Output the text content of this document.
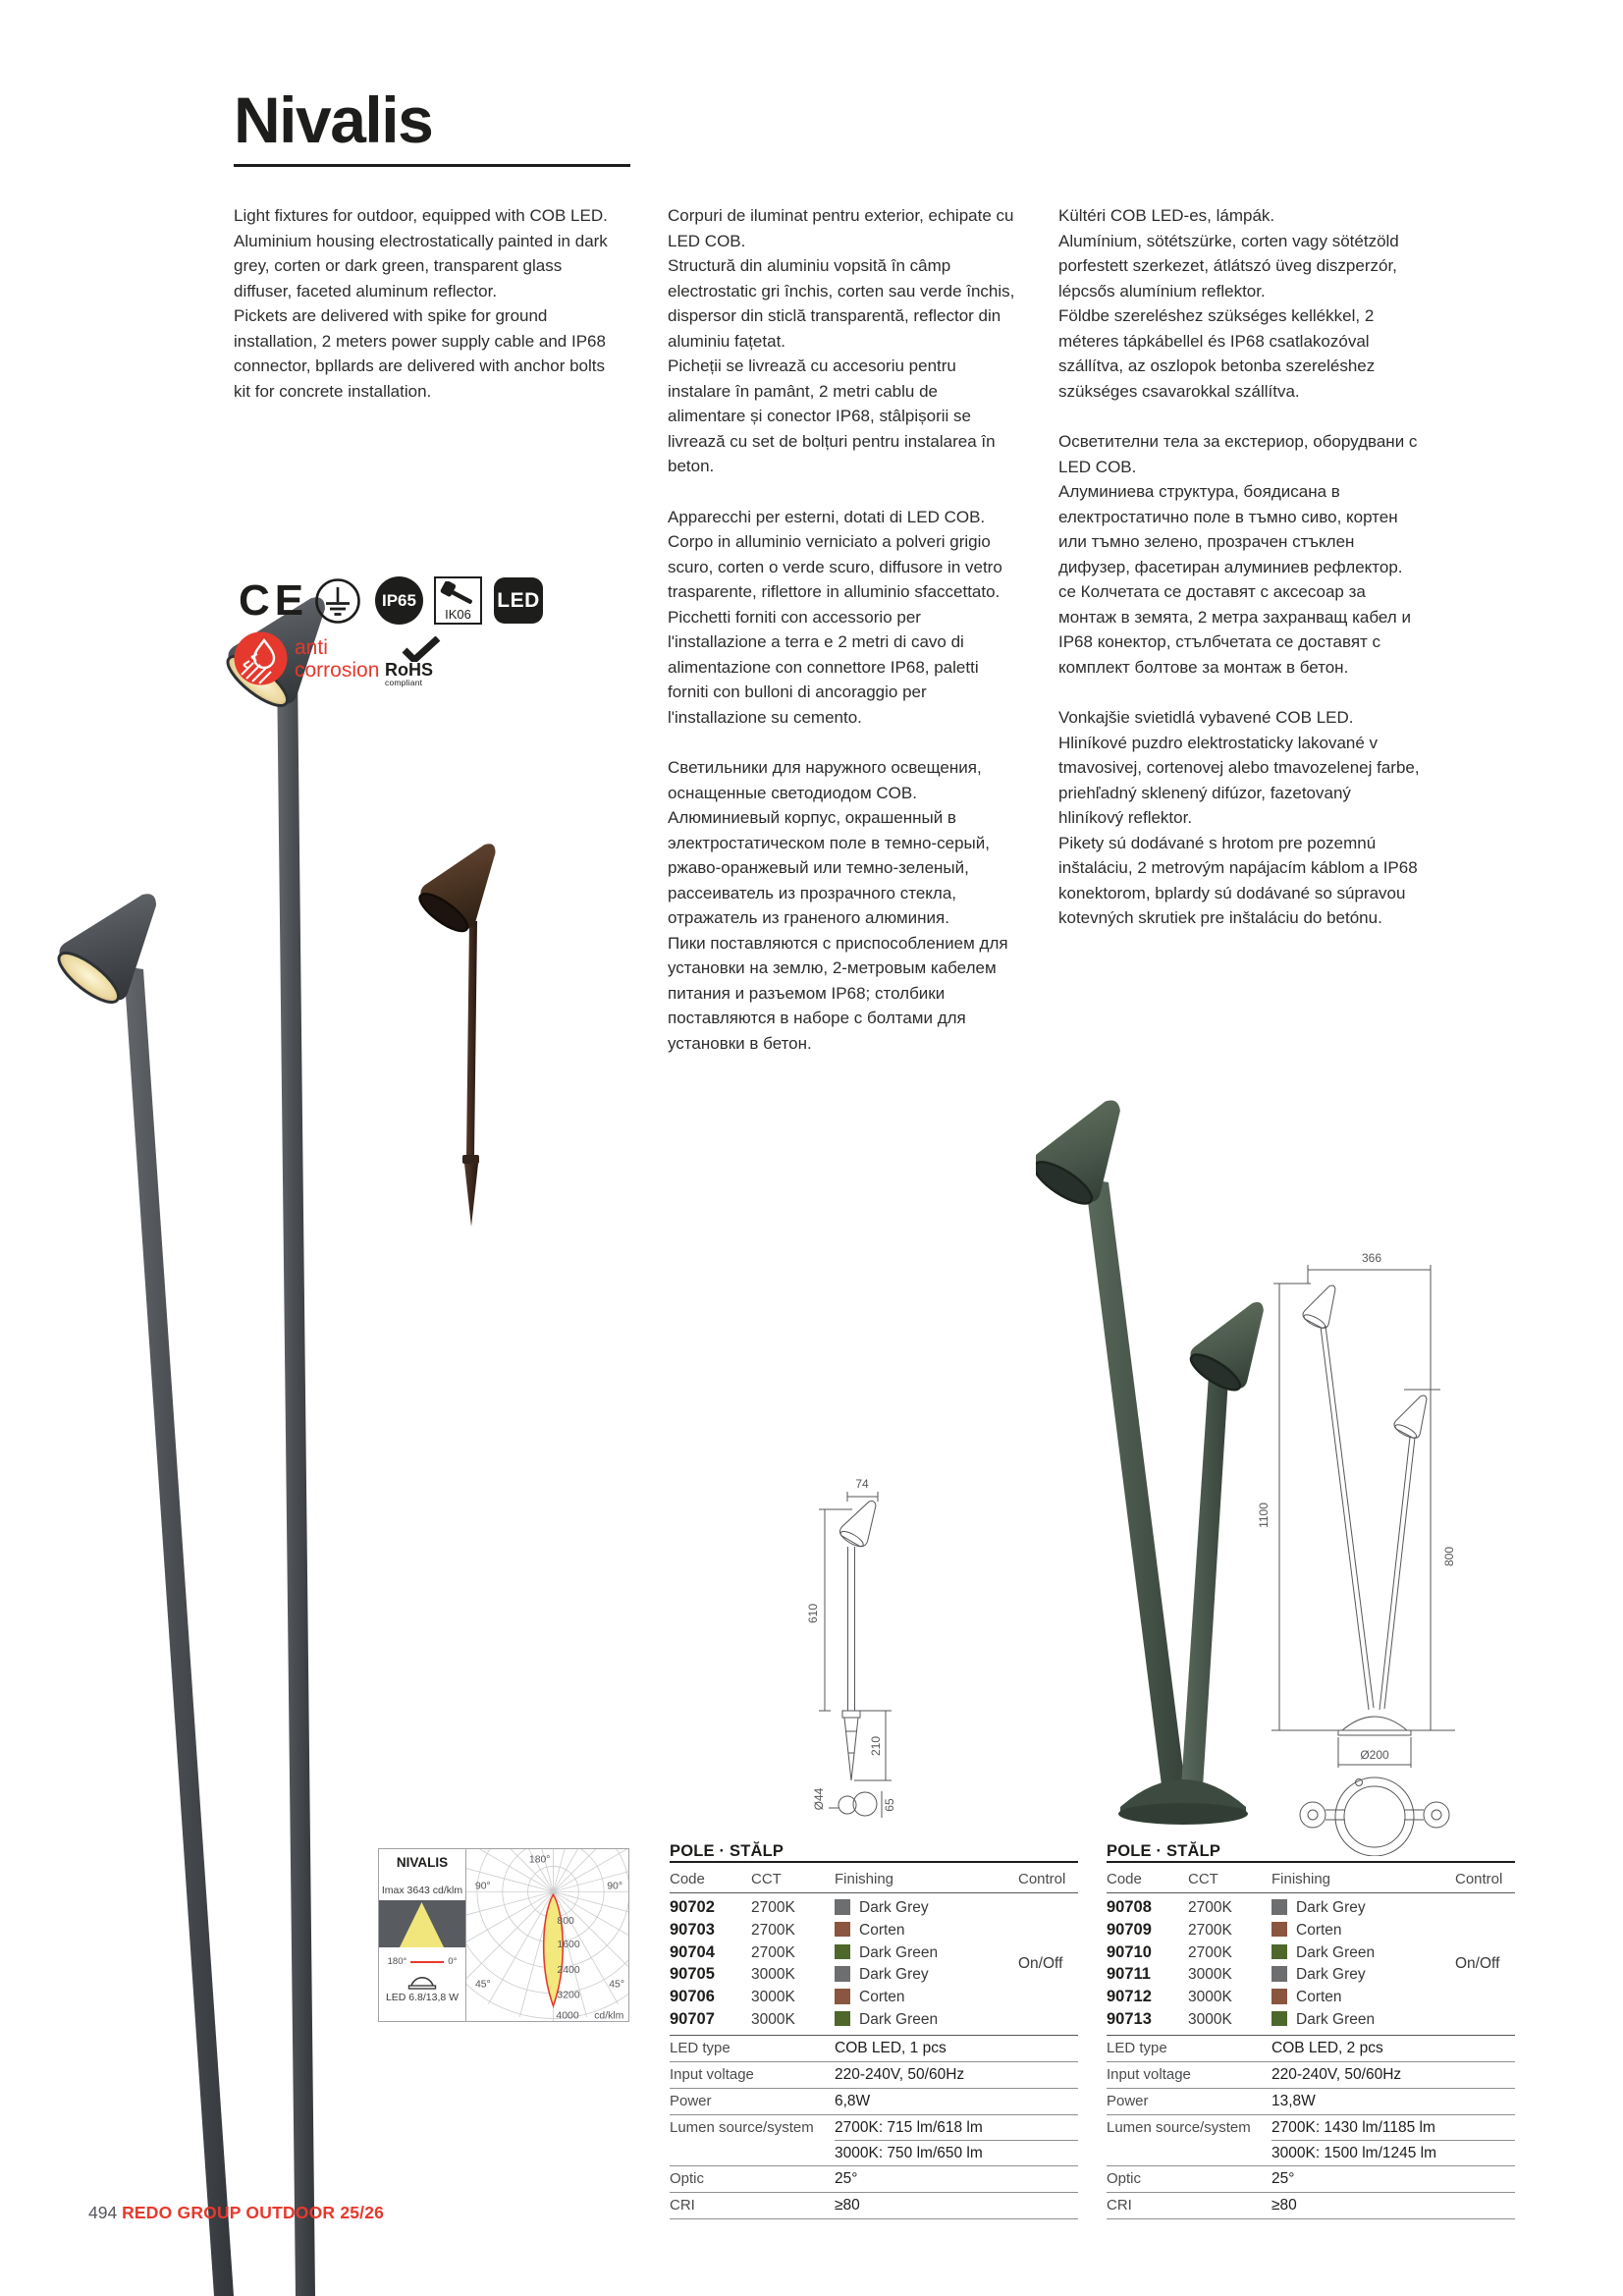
74
610
210
Ø44	65
366
1100
800
Ø200
Nivalis

Light fixtures for outdoor, equipped with COB LED.

Aluminium housing electrostatically painted in dark grey, corten or dark green, transparent glass diffuser, faceted aluminum reflector.

Pickets are delivered with spike for ground installation, 2 meters power supply cable and IP68 connector, bpllards are delivered with anchor bolts kit for concrete installation.

Corpuri de iluminat pentru exterior, echipate cu LED COB.

Structură din aluminiu vopsită în câmp electrostatic gri închis, corten sau verde închis, dispersor din sticlă transparentă, reflector din aluminiu fațetat.

Picheții se livrează cu accesoriu pentru instalare în pamânt, 2 metri cablu de alimentare și conector IP68, stâlpișorii se livrează cu set de bolțuri pentru instalarea în beton.

Apparecchi per esterni, dotati di LED COB.

Corpo in alluminio verniciato a polveri grigio scuro, corten o verde scuro, diffusore in vetro trasparente, riflettore in alluminio sfaccettato.

Picchetti forniti con accessorio per l'installazione a terra e 2 metri di cavo di alimentazione con connettore IP68, paletti forniti con bulloni di ancoraggio per l'installazione su cemento.

Светильники для наружного освещения, оснащенные светодиодом COB.

Алюминиевый корпус, окрашенный в электростатическом поле в темно-серый, ржаво-оранжевый или темно-зеленый, рассеиватель из прозрачного стекла, отражатель из граненого алюминия.

Пики поставляются с приспособлением для установки на землю, 2-метровым кабелем питания и разъемом IP68; столбики поставляются в наборе с болтами для установки в бетон.

Kültéri COB LED-es, lámpák.

Alumínium, sötétszürke, corten vagy sötétzöld porfestett szerkezet, átlátszó üveg diszperzór, lépcsős alumínium reflektor.

Földbe szereléshez szükséges kellékkel, 2 méteres tápkábellel és IP68 csatlakozóval szállítva, az oszlopok betonba szereléshez szükséges csavarokkal szállítva.

Осветителни тела за екстериор, оборудвани с LED COB.

Алуминиева структура, боядисана в електростатично поле в тъмно сиво, кортен или тъмно зелено, прозрачен стъклен дифузер, фасетиран алуминиев рефлектор.

се Колчетата се доставят с аксесоар за монтаж в земята, 2 метра захранващ кабел и IP68 конектор, стълбчетата се доставят с комплект болтове за монтаж в бетон.

Vonkajšie svietidlá vybavené COB LED.

Hliníkové puzdro elektrostaticky lakované v tmavosivej, cortenovej alebo tmavozelenej farbe, priehľadný sklenený difúzor, fazetovaný hliníkový reflektor.

Pikety sú dodávané s hrotom pre pozemnú inštaláciu, 2 metrovým napájacím káblom a IP68 konektorom, bplardy sú dodávané so súpravou kotevných skrutiek pre inštaláciu do betónu.

CE	IP65
IK06
LED
anti
corrosion RoHS
compliant
NIVALIS
Imax 3643 cd/klm
180°	0°
LED 6.8/13,8 W
180°
90°	90°
45°	45°
800
1600
2400
3200
4000 cd/klm
POLE · STĂLP
Code	CCT	Finishing	Control
90702 2700K	Dark Grey
90703 2700K	Corten
90704 2700K	Dark Green
90705 3000K	Dark Grey
90706 3000K	Corten
90707 3000K	Dark Green
On/Off
LED type	COB LED, 1 pcs
Input voltage	220-240V, 50/60Hz
Power	6,8W
Lumen source/system 2700K: 715 lm/618 lm
3000K: 750 lm/650 lm
Optic	25°
CRI	≥80
POLE · STĂLP
Code	CCT	Finishing	Control
90708 2700K	Dark Grey
90709 2700K	Corten
90710 2700K	Dark Green
90711 3000K	Dark Grey
90712 3000K	Corten
90713 3000K	Dark Green
On/Off
LED type	COB LED, 2 pcs
Input voltage	220-240V, 50/60Hz
Power	13,8W
Lumen source/system 2700K: 1430 lm/1185 lm
3000K: 1500 lm/1245 lm
Optic	25°
CRI	≥80
494 REDO GROUP OUTDOOR 25/26
